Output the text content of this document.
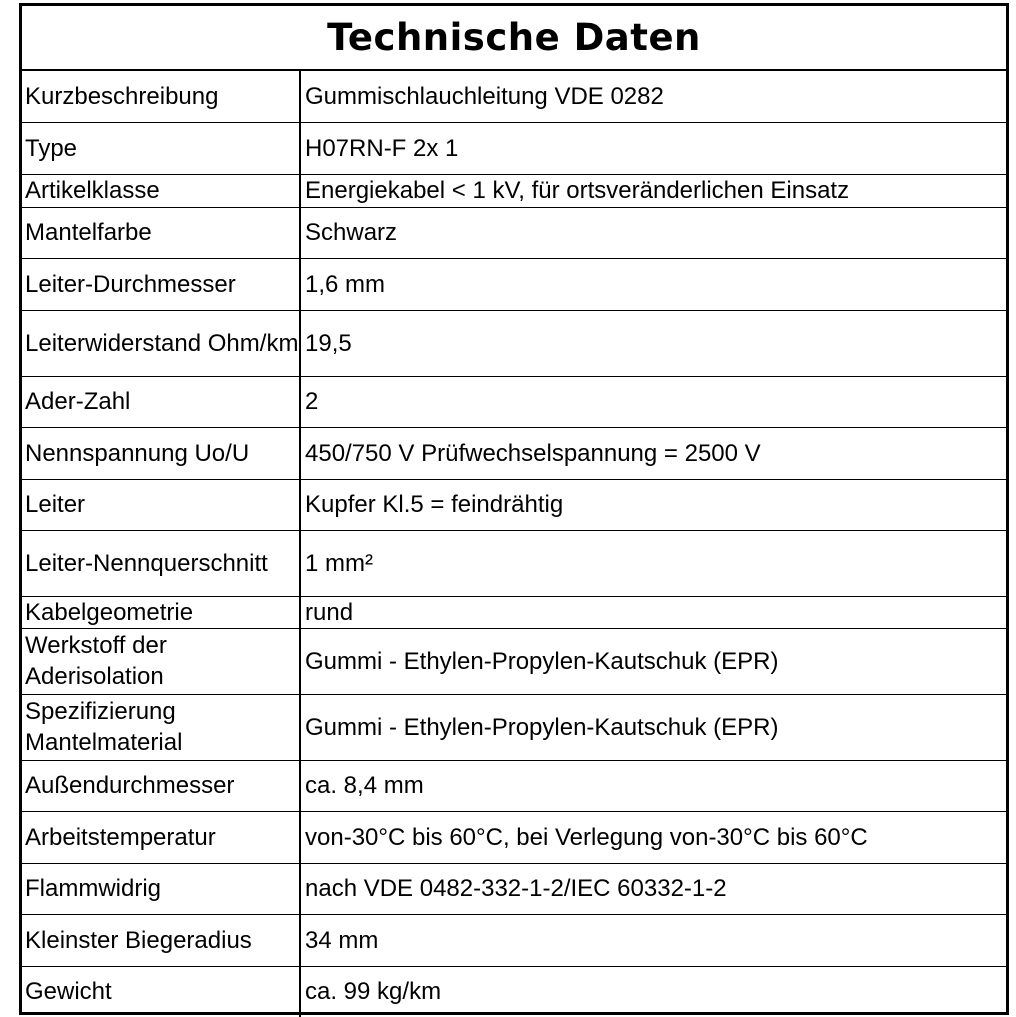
Technische Daten
Kurzbeschreibung	Gummischlauchleitung VDE 0282
Type	H07RN-F 2x 1
Artikelklasse	Energiekabel < 1 kV, für ortsveränderlichen Einsatz
Mantelfarbe	Schwarz
Leiter-Durchmesser	1,6 mm
Leiterwiderstand Ohm/km	19,5
Ader-Zahl	2
Nennspannung Uo/U	450/750 V Prüfwechselspannung = 2500 V
Leiter	Kupfer Kl.5 = feindrähtig
Leiter-Nennquerschnitt	1 mm²
Kabelgeometrie	rund
Werkstoff der Aderisolation	Gummi - Ethylen-Propylen-Kautschuk (EPR)
Spezifizierung Mantelmaterial	Gummi - Ethylen-Propylen-Kautschuk (EPR)
Außendurchmesser	ca. 8,4 mm
Arbeitstemperatur	von-30°C bis 60°C, bei Verlegung von-30°C bis 60°C
Flammwidrig	nach VDE 0482-332-1-2/IEC 60332-1-2
Kleinster Biegeradius	34 mm
Gewicht	ca. 99 kg/km
